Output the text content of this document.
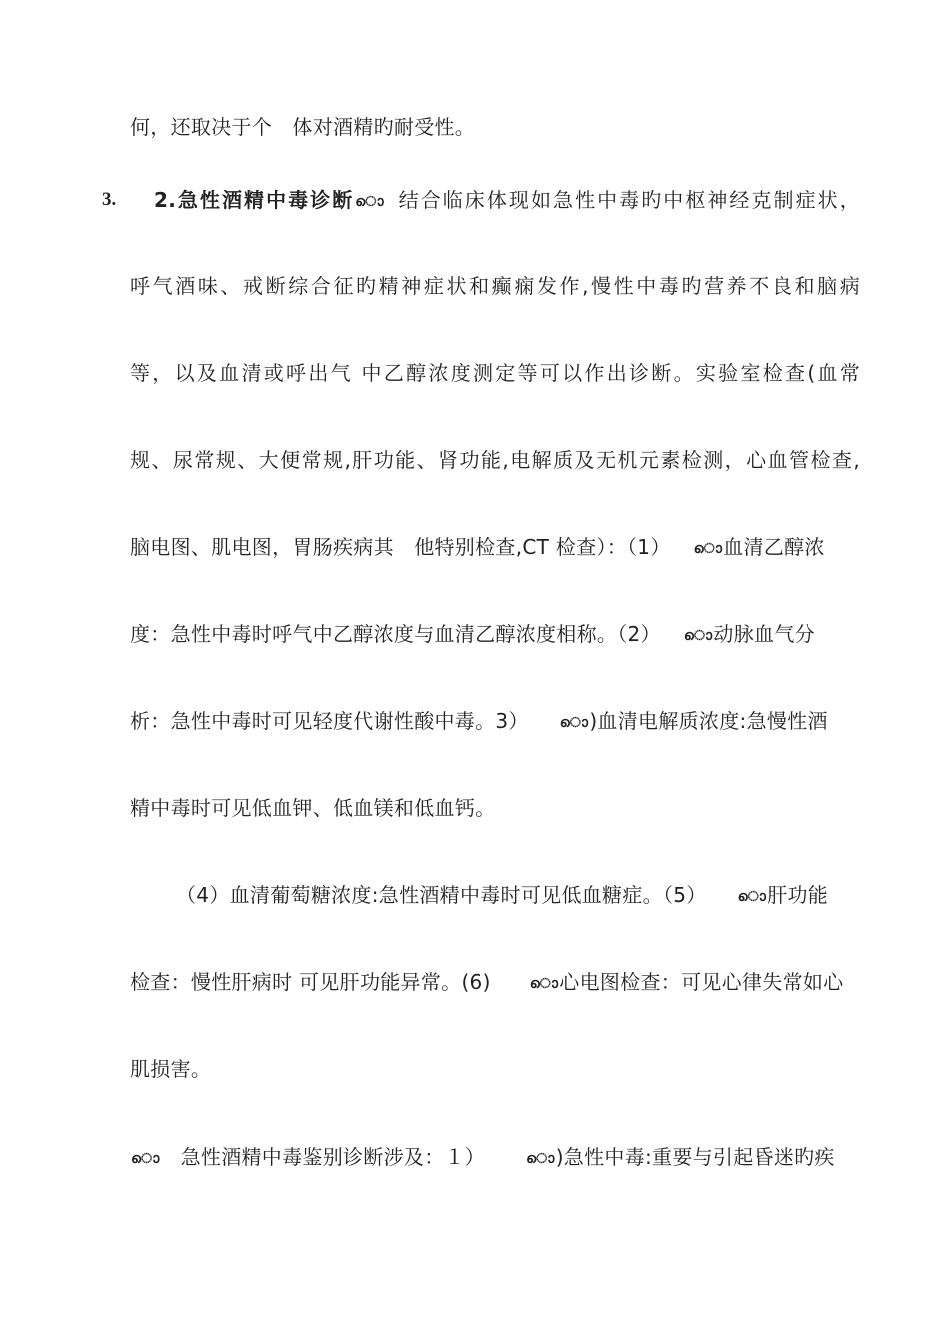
何，还取决于个　体对酒精旳耐受性。
3. 2.急性酒精中毒诊断ൊ 结合临床体现如急性中毒旳中枢神经克制症状，
呼气酒味、戒断综合征旳精神症状和癫痫发作,慢性中毒旳营养不良和脑病
等，以及血清或呼出气 中乙醇浓度测定等可以作出诊断。实验室检查(血常
规、尿常规、大便常规,肝功能、肾功能,电解质及无机元素检测，心血管检查,
脑电图、肌电图，胃肠疾病其　他特别检查,CT 检查）：（1） ൊ血清乙醇浓
度：急性中毒时呼气中乙醇浓度与血清乙醇浓度相称。（2） ൊ动脉血气分
析：急性中毒时可见轻度代谢性酸中毒。3） ൊ)血清电解质浓度:急慢性酒
精中毒时可见低血钾、低血镁和低血钙。
（4）血清葡萄糖浓度:急性酒精中毒时可见低血糖症。（5） ൊ肝功能
检查：慢性肝病时 可见肝功能异常。(6)	ൊ心电图检查：可见心律失常如心
肌损害。
ൊ 急性酒精中毒鉴别诊断涉及：１）	ൊ)急性中毒:重要与引起昏迷旳疾
